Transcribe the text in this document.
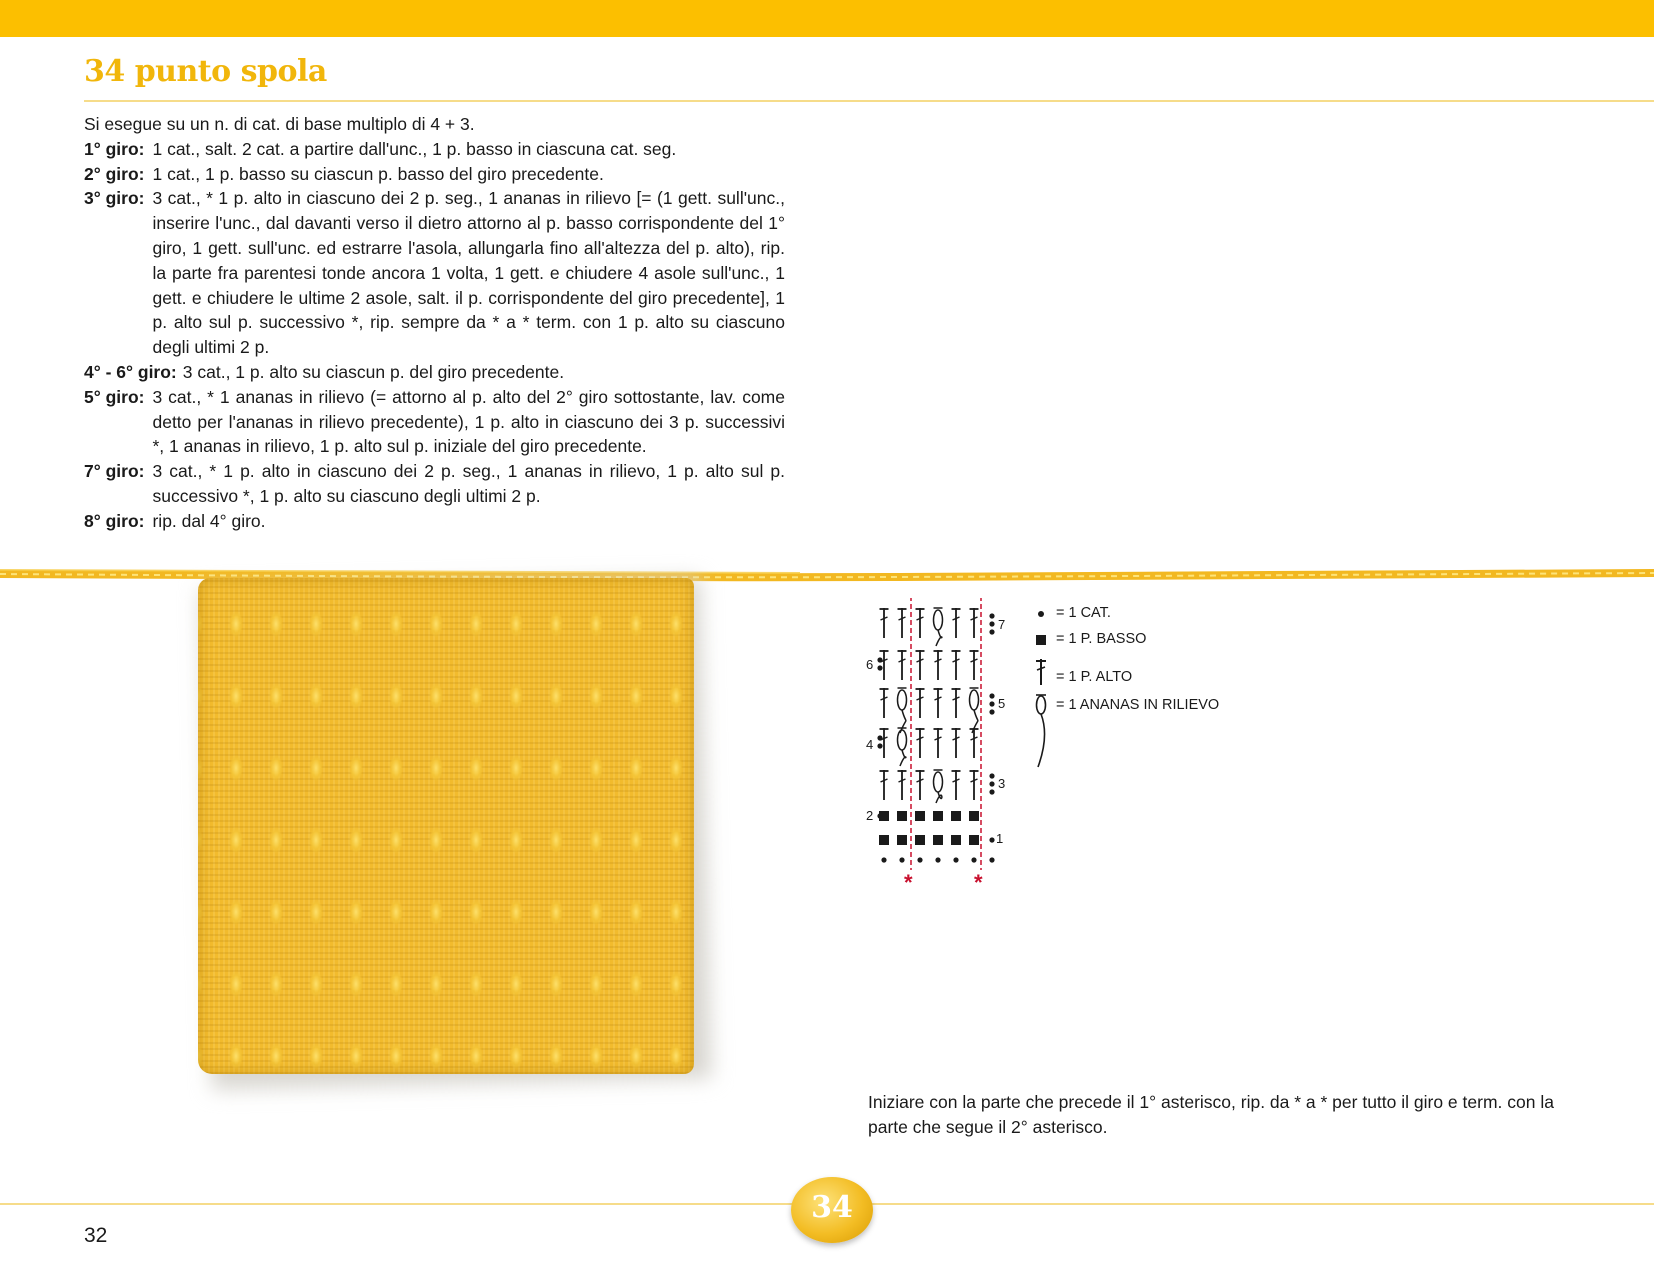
34 punto spola

Si esegue su un n. di cat. di base multiplo di 4 + 3.

1° giro: 1 cat., salt. 2 cat. a partire dall'unc., 1 p. basso in ciascuna cat. seg.
2° giro: 1 cat., 1 p. basso su ciascun p. basso del giro precedente.
3° giro: 3 cat., * 1 p. alto in ciascuno dei 2 p. seg., 1 ananas in rilievo [= (1 gett. sull'unc., inserire l'unc., dal davanti verso il dietro attorno al p. basso corrispondente del 1° giro, 1 gett. sull'unc. ed estrarre l'asola, allungarla fino all'altezza del p. alto), rip. la parte fra parentesi tonde ancora 1 volta, 1 gett. e chiudere 4 asole sull'unc., 1 gett. e chiudere le ultime 2 asole, salt. il p. corrispondente del giro precedente], 1 p. alto sul p. successivo *, rip. sempre da * a * term. con 1 p. alto su ciascuno degli ultimi 2 p.
4° - 6° giro: 3 cat., 1 p. alto su ciascun p. del giro precedente.
5° giro: 3 cat., * 1 ananas in rilievo (= attorno al p. alto del 2° giro sottostante, lav. come detto per l'ananas in rilievo precedente), 1 p. alto in ciascuno dei 3 p. successivi *, 1 ananas in rilievo, 1 p. alto sul p. iniziale del giro precedente.
7° giro: 3 cat., * 1 p. alto in ciascuno dei 2 p. seg., 1 ananas in rilievo, 1 p. alto sul p. successivo *, 1 p. alto su ciascuno degli ultimi 2 p.
8° giro: rip. dal 4° giro.
6
4
2
7
5
3
1
*	*
= 1 CAT.
= 1 P. BASSO
= 1 P. ALTO
= 1 ANANAS IN RILIEVO

Iniziare con la parte che precede il 1° asterisco, rip. da * a * per tutto il giro e term. con la parte che segue il 2° asterisco.

34
32
